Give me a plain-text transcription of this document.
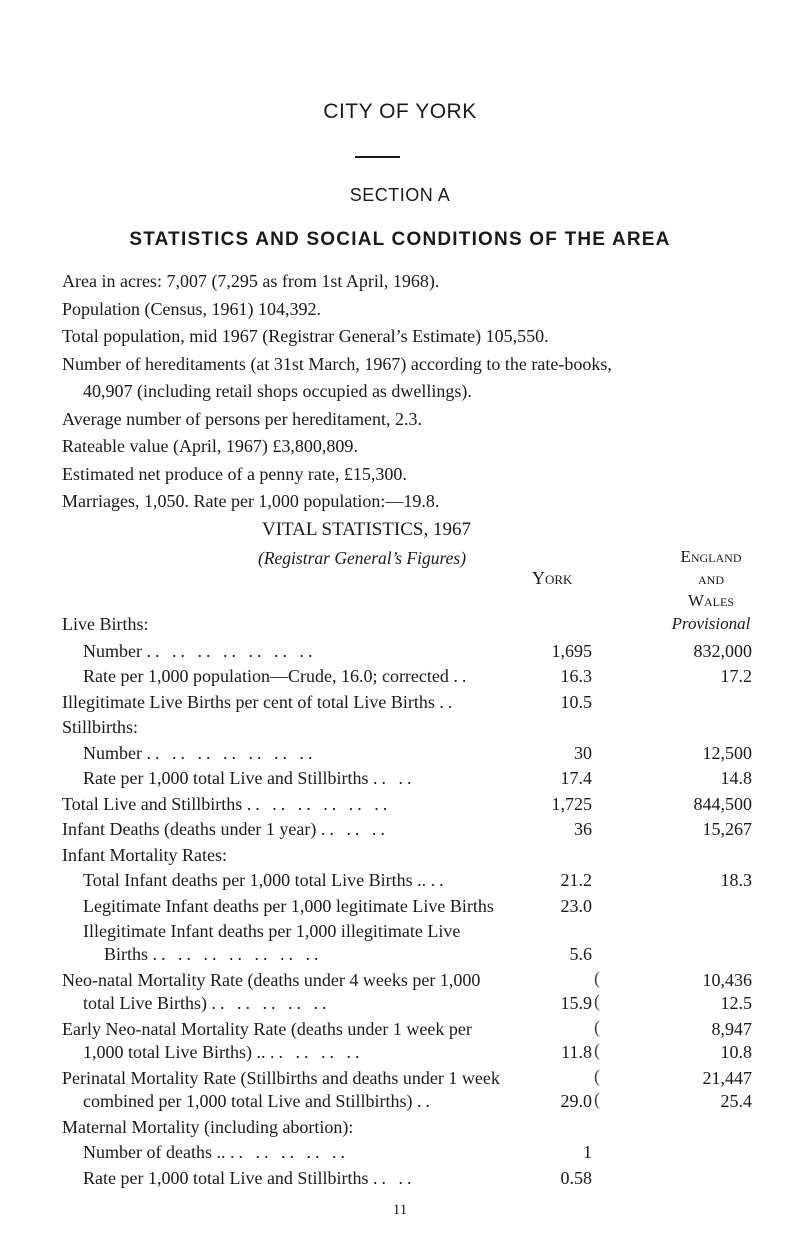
CITY OF YORK
SECTION A
STATISTICS AND SOCIAL CONDITIONS OF THE AREA
Area in acres: 7,007 (7,295 as from 1st April, 1968).
Population (Census, 1961) 104,392.
Total population, mid 1967 (Registrar General’s Estimate) 105,550.
Number of hereditaments (at 31st March, 1967) according to the rate-books,
40,907 (including retail shops occupied as dwellings).
Average number of persons per hereditament, 2.3.
Rateable value (April, 1967) £3,800,809.
Estimated net produce of a penny rate, £15,300.
Marriages, 1,050. Rate per 1,000 population:—19.8.
VITAL STATISTICS, 1967
(Registrar General’s Figures)
York
England
and
Wales
Provisional
Live Births:
Number .. .. .. .. .. .. ..	1,695	832,000
Rate per 1,000 population—Crude, 16.0; corrected ..	16.3	17.2
Illegitimate Live Births per cent of total Live Births ..	10.5
Stillbirths:
Number .. .. .. .. .. .. ..	30	12,500
Rate per 1,000 total Live and Stillbirths .. ..	17.4	14.8
Total Live and Stillbirths .. .. .. .. .. ..	1,725	844,500
Infant Deaths (deaths under 1 year) .. .. ..	36	15,267
Infant Mortality Rates:
Total Infant deaths per 1,000 total Live Births .. ..	21.2	18.3
Legitimate Infant deaths per 1,000 legitimate Live Births	23.0
Illegitimate Infant deaths per 1,000 illegitimate Live
Births .. .. .. .. .. .. ..	5.6
Neo-natal Mortality Rate (deaths under 4 weeks per 1,000	(	10,436
total Live Births) .. .. .. .. ..	15.9 (	12.5
Early Neo-natal Mortality Rate (deaths under 1 week per	(	8,947
1,000 total Live Births) .. .. .. .. ..	11.8 (	10.8
Perinatal Mortality Rate (Stillbirths and deaths under 1 week	(	21,447
combined per 1,000 total Live and Stillbirths) ..	29.0 (	25.4
Maternal Mortality (including abortion):
Number of deaths .. .. .. .. .. ..	1
Rate per 1,000 total Live and Stillbirths .. ..	0.58
11
